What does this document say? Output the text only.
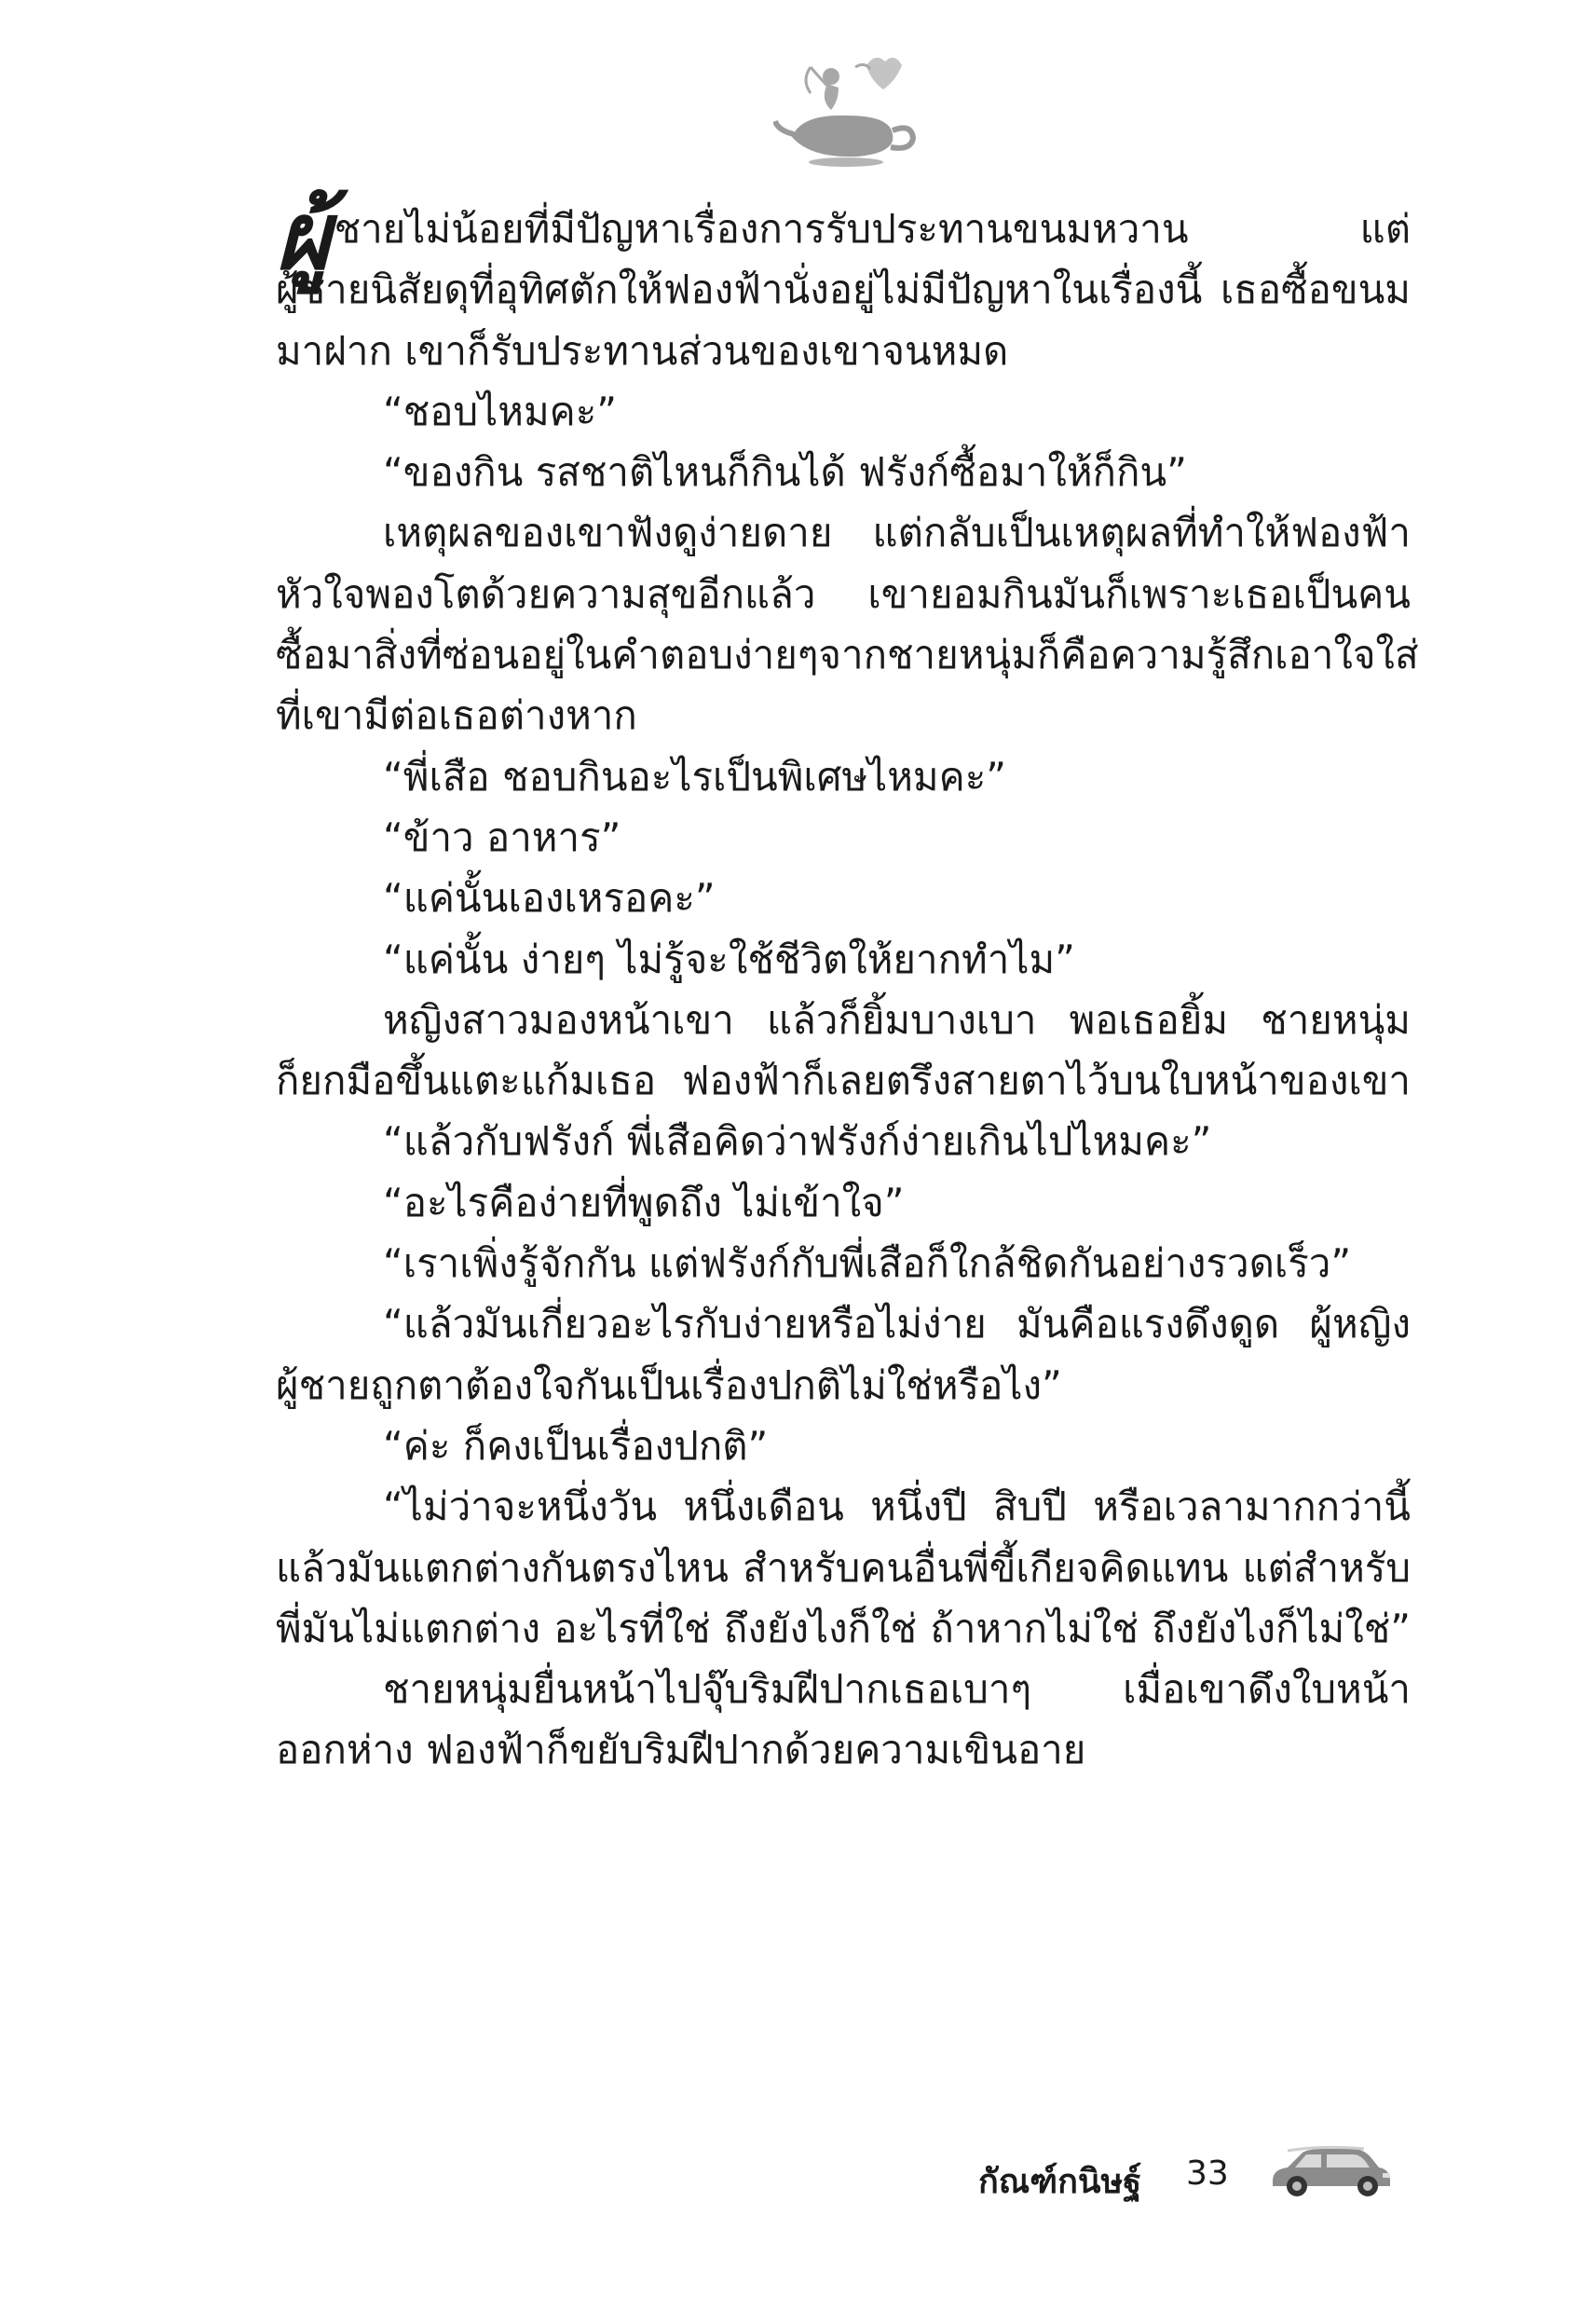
ผู้ ชายไม่น้อยที่มีปัญหาเรื่องการรับประทานขนมหวาน	แต่
ผู้ชายนิสัยดุที่อุทิศตักให้ฟองฟ้านั่งอยู่ไม่มีปัญหาในเรื่องนี้ เธอซื้อขนม
มาฝาก เขาก็รับประทานส่วนของเขาจนหมด
“ชอบไหมคะ”
“ของกิน รสชาติไหนก็กินได้ ฟรังก์ซื้อมาให้ก็กิน”
เหตุผลของเขาฟังดูง่ายดาย แต่กลับเป็นเหตุผลที่ทำให้ฟองฟ้า
หัวใจพองโตด้วยความสุขอีกแล้ว เขายอมกินมันก็เพราะเธอเป็นคน
ซื้อมา สิ่งที่ซ่อนอยู่ในคำตอบง่ายๆ จากชายหนุ่มก็คือความรู้สึกเอาใจใส่
ที่เขามีต่อเธอต่างหาก
“พี่เสือ ชอบกินอะไรเป็นพิเศษไหมคะ”
“ข้าว อาหาร”
“แค่นั้นเองเหรอคะ”
“แค่นั้น ง่ายๆ ไม่รู้จะใช้ชีวิตให้ยากทำไม”
หญิงสาวมองหน้าเขา แล้วก็ยิ้มบางเบา พอเธอยิ้ม ชายหนุ่ม
ก็ยกมือขึ้นแตะแก้มเธอ ฟองฟ้าก็เลยตรึงสายตาไว้บนใบหน้าของเขา
“แล้วกับฟรังก์ พี่เสือคิดว่าฟรังก์ง่ายเกินไปไหมคะ”
“อะไรคือง่ายที่พูดถึง ไม่เข้าใจ”
“เราเพิ่งรู้จักกัน แต่ฟรังก์กับพี่เสือก็ใกล้ชิดกันอย่างรวดเร็ว”
“แล้วมันเกี่ยวอะไรกับง่ายหรือไม่ง่าย มันคือแรงดึงดูด ผู้หญิง
ผู้ชายถูกตาต้องใจกันเป็นเรื่องปกติไม่ใช่หรือไง”
“ค่ะ ก็คงเป็นเรื่องปกติ”
“ไม่ว่าจะหนึ่งวัน หนึ่งเดือน หนึ่งปี สิบปี หรือเวลามากกว่านี้
แล้วมันแตกต่างกันตรงไหน สำหรับคนอื่นพี่ขี้เกียจคิดแทน แต่สำหรับ
พี่มันไม่แตกต่าง อะไรที่ใช่ ถึงยังไงก็ใช่ ถ้าหากไม่ใช่ ถึงยังไงก็ไม่ใช่”
ชายหนุ่มยื่นหน้าไปจุ๊บริมฝีปากเธอเบาๆ เมื่อเขาดึงใบหน้า
ออกห่าง ฟองฟ้าก็ขยับริมฝีปากด้วยความเขินอาย
กัณฑ์กนิษฐ์ 33
